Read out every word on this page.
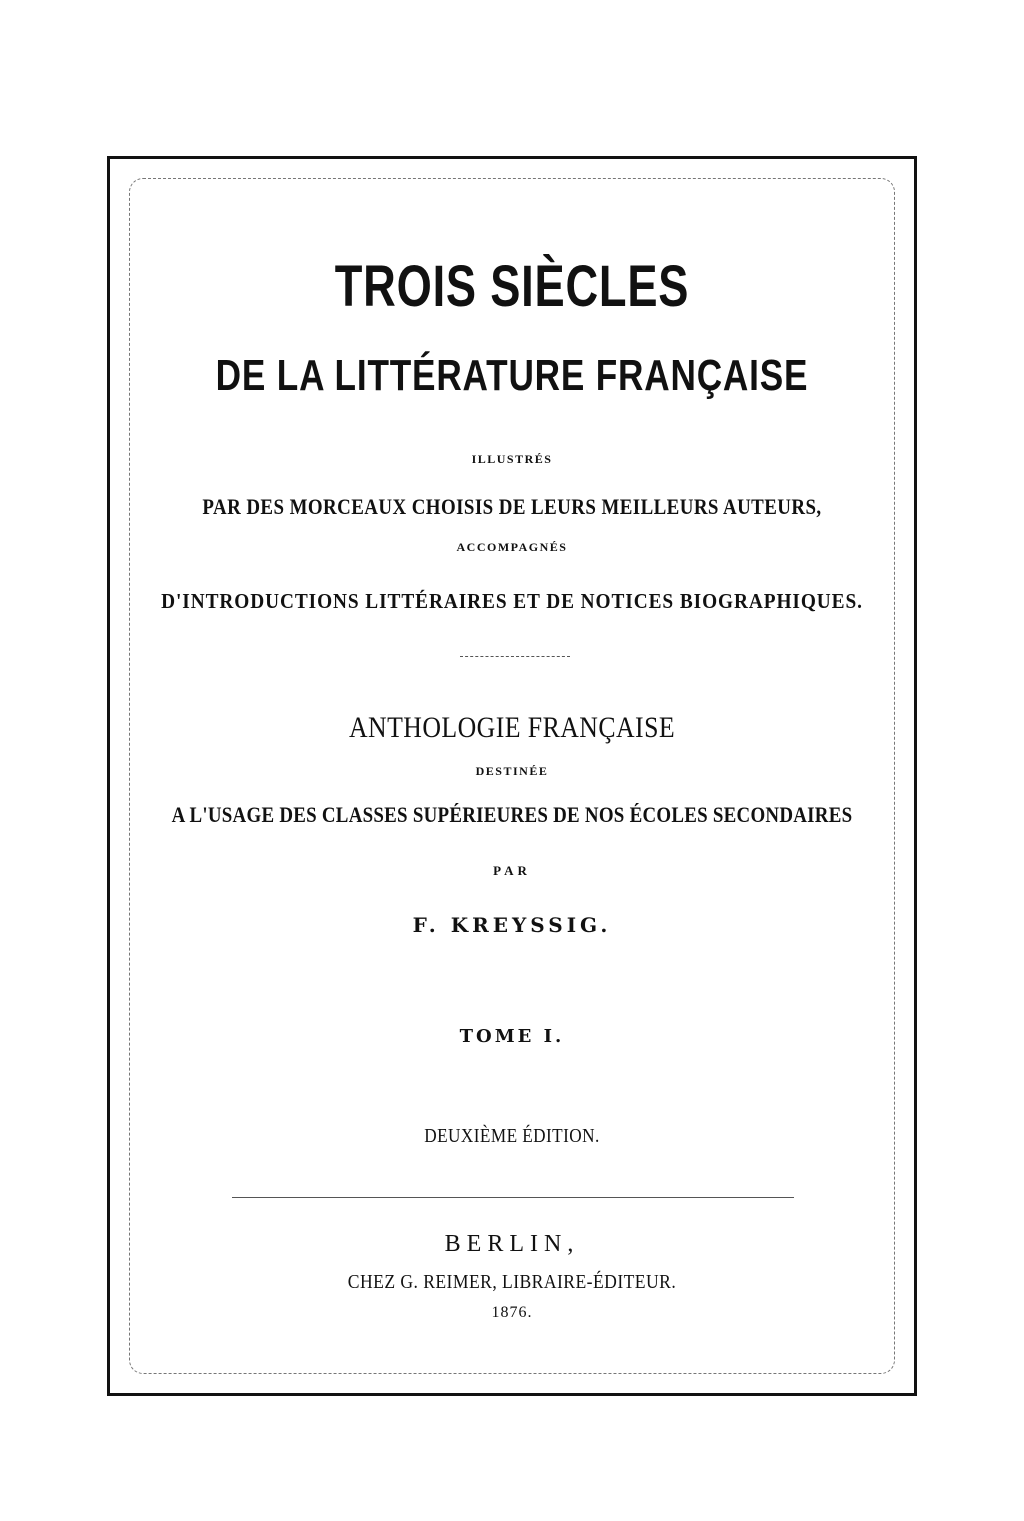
TROIS SIÈCLES
DE LA LITTÉRATURE FRANÇAISE
ILLUSTRÉS
PAR DES MORCEAUX CHOISIS DE LEURS MEILLEURS AUTEURS,
ACCOMPAGNÉS
D'INTRODUCTIONS LITTÉRAIRES ET DE NOTICES BIOGRAPHIQUES.
ANTHOLOGIE FRANÇAISE
DESTINÉE
A L'USAGE DES CLASSES SUPÉRIEURES DE NOS ÉCOLES SECONDAIRES
PAR
F. KREYSSIG.
TOME I.
DEUXIÈME ÉDITION.
BERLIN,
CHEZ G. REIMER, LIBRAIRE-ÉDITEUR.
1876.
